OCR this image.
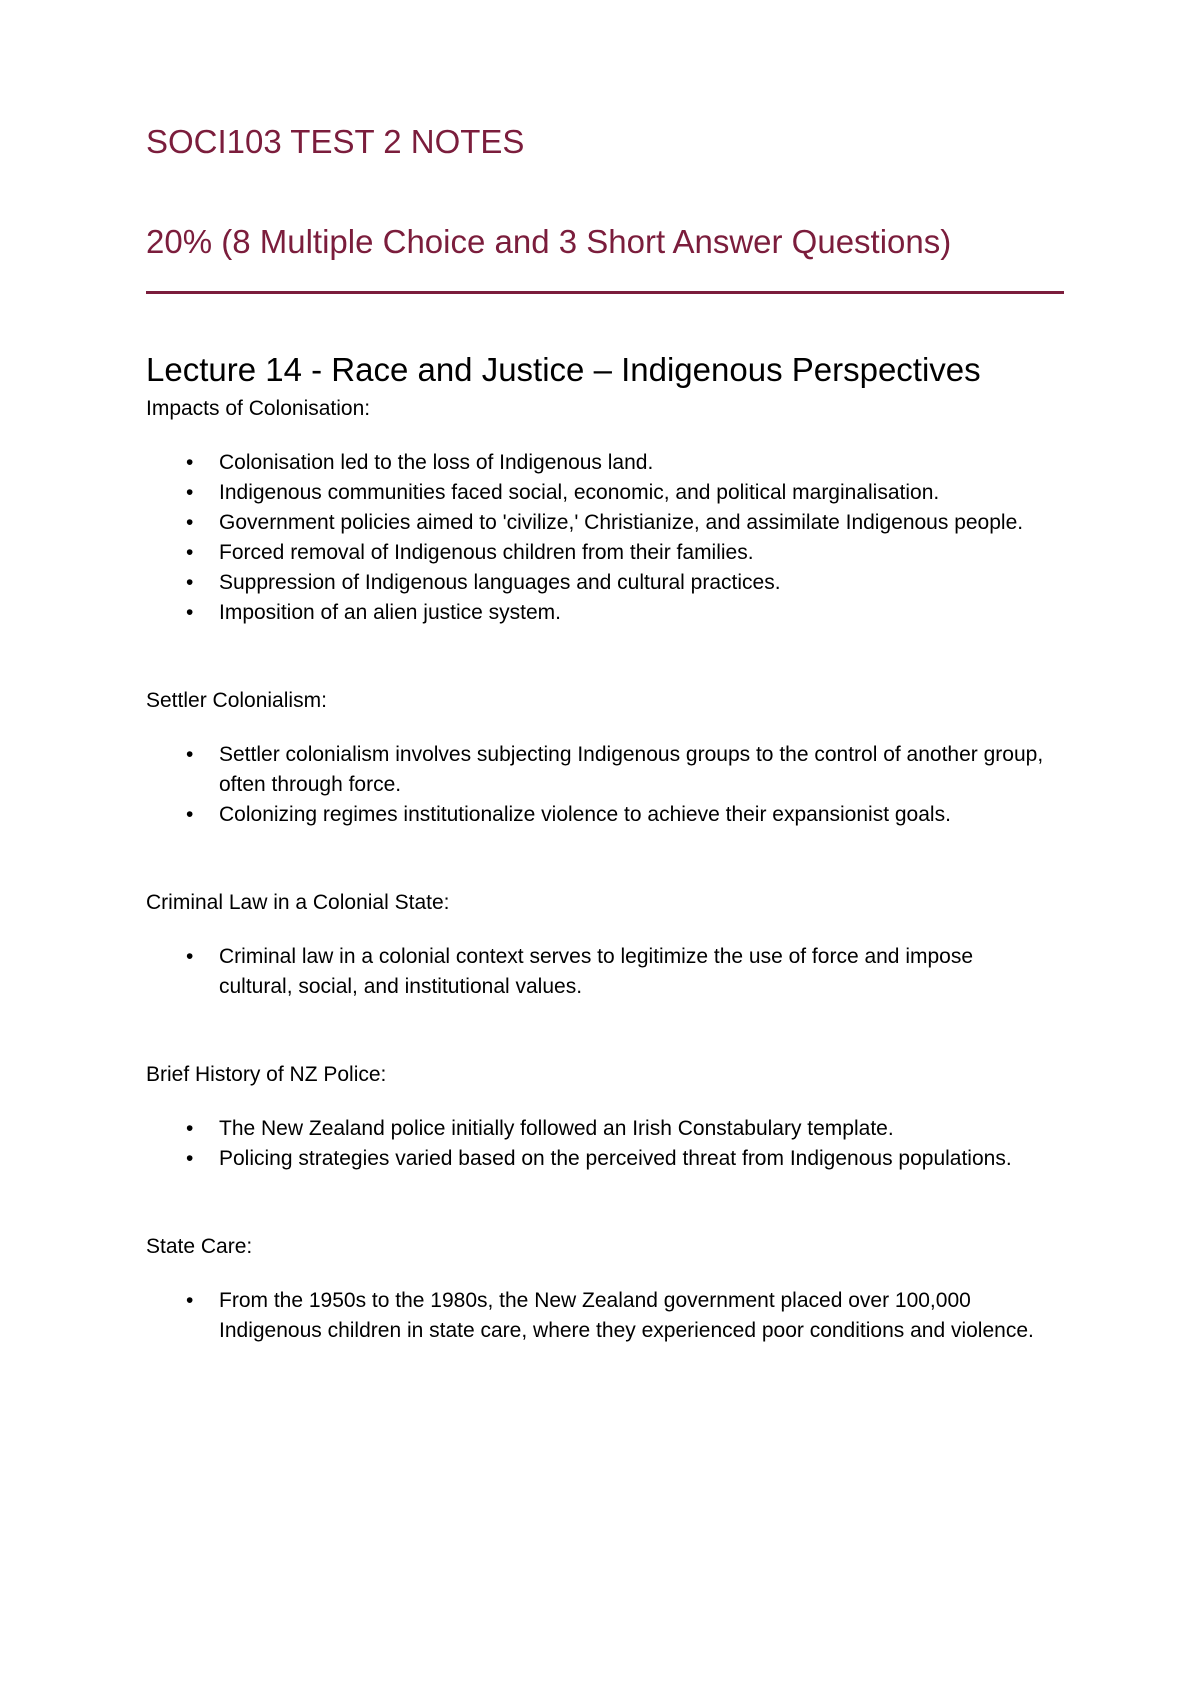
SOCI103 TEST 2 NOTES
20% (8 Multiple Choice and 3 Short Answer Questions)
Lecture 14 - Race and Justice – Indigenous Perspectives

Impacts of Colonisation:

• Colonisation led to the loss of Indigenous land.
• Indigenous communities faced social, economic, and political marginalisation.
• Government policies aimed to 'civilize,' Christianize, and assimilate Indigenous people.
• Forced removal of Indigenous children from their families.
• Suppression of Indigenous languages and cultural practices.
• Imposition of an alien justice system.

Settler Colonialism:

• Settler colonialism involves subjecting Indigenous groups to the control of another group, often through force.
• Colonizing regimes institutionalize violence to achieve their expansionist goals.

Criminal Law in a Colonial State:

• Criminal law in a colonial context serves to legitimize the use of force and impose cultural, social, and institutional values.

Brief History of NZ Police:

• The New Zealand police initially followed an Irish Constabulary template.
• Policing strategies varied based on the perceived threat from Indigenous populations.

State Care:

• From the 1950s to the 1980s, the New Zealand government placed over 100,000 Indigenous children in state care, where they experienced poor conditions and violence.
